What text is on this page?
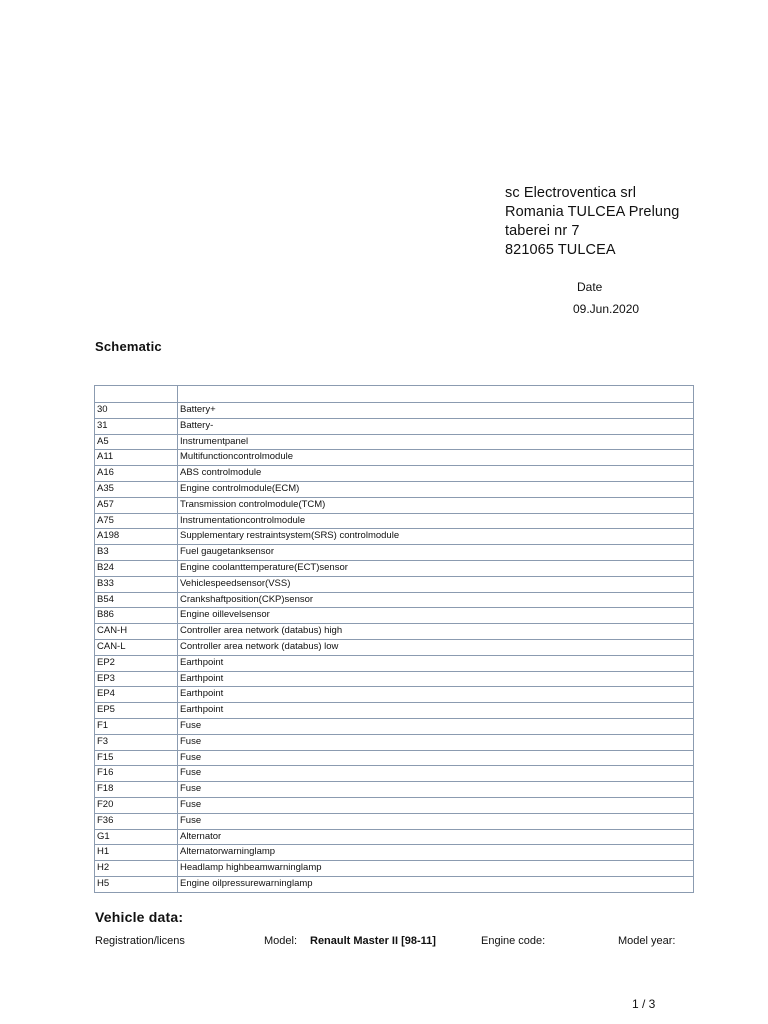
sc Electroventica srl
Romania TULCEA Prelung
taberei nr 7
821065 TULCEA
Date
09.Jun.2020
Schematic

30	Battery+
31	Battery-
A5	Instrumentpanel
A11	Multifunctioncontrolmodule
A16	ABS controlmodule
A35	Engine controlmodule(ECM)
A57	Transmission controlmodule(TCM)
A75	Instrumentationcontrolmodule
A198	Supplementary restraintsystem(SRS) controlmodule
B3	Fuel gaugetanksensor
B24	Engine coolanttemperature(ECT)sensor
B33	Vehiclespeedsensor(VSS)
B54	Crankshaftposition(CKP)sensor
B86	Engine oillevelsensor
CAN-H	Controller area network (databus) high
CAN-L	Controller area network (databus) low
EP2	Earthpoint
EP3	Earthpoint
EP4	Earthpoint
EP5	Earthpoint
F1	Fuse
F3	Fuse
F15	Fuse
F16	Fuse
F18	Fuse
F20	Fuse
F36	Fuse
G1	Alternator
H1	Alternatorwarninglamp
H2	Headlamp highbeamwarninglamp
H5	Engine oilpressurewarninglamp
Vehicle data:
Registration/licens	Model: Renault Master II [98-11]	Engine code:	Model year:
1 / 3
